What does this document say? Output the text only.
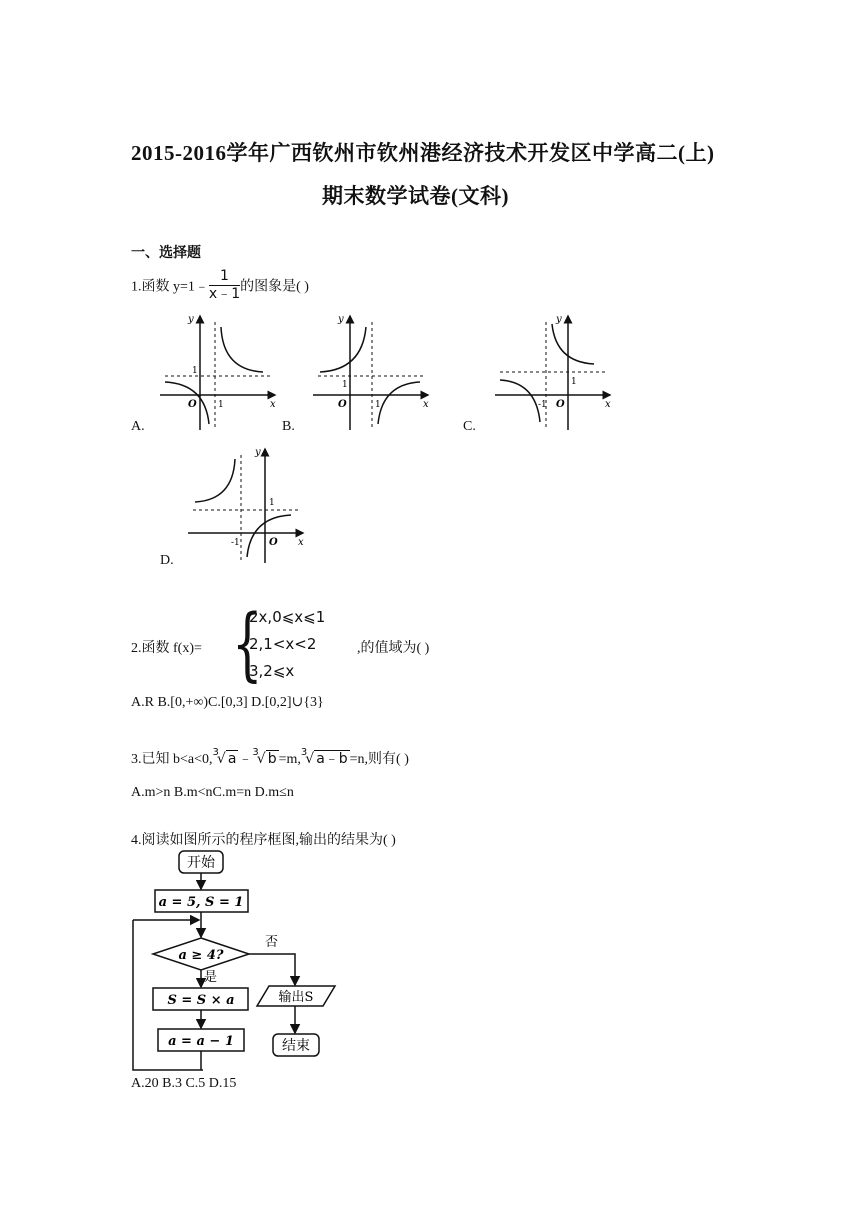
2015-2016学年广西钦州市钦州港经济技术开发区中学高二(上)
期末数学试卷(文科)
一、选择题
1.函数 y=1﹣ $\frac{1}{x﹣1}$ 的图象是( )
y
x
O 1
1
A.
y
x
O	1
1
B.
y
x
O
-1
1
C.
y
x
O
-1
1
D.
2.函数 f(x)= {
2x,0⩽x⩽1
2,1<x<2
3,2⩽x
,的值域为( )
A.R B.[0,+∞)C.[0,3] D.[0,2]∪{3}
3.已知 b<a<0,$^3$√ a ﹣$^3$√ b =m,$^3$√ a﹣b =n,则有( )
A.m>n B.m<nC.m=n D.m≤n
4.阅读如图所示的程序框图,输出的结果为( )
开始
a = 5, S = 1
a ≥ 4?
否
是
S = S × a
a = a − 1
输出S
结束
A.20 B.3 C.5 D.15
